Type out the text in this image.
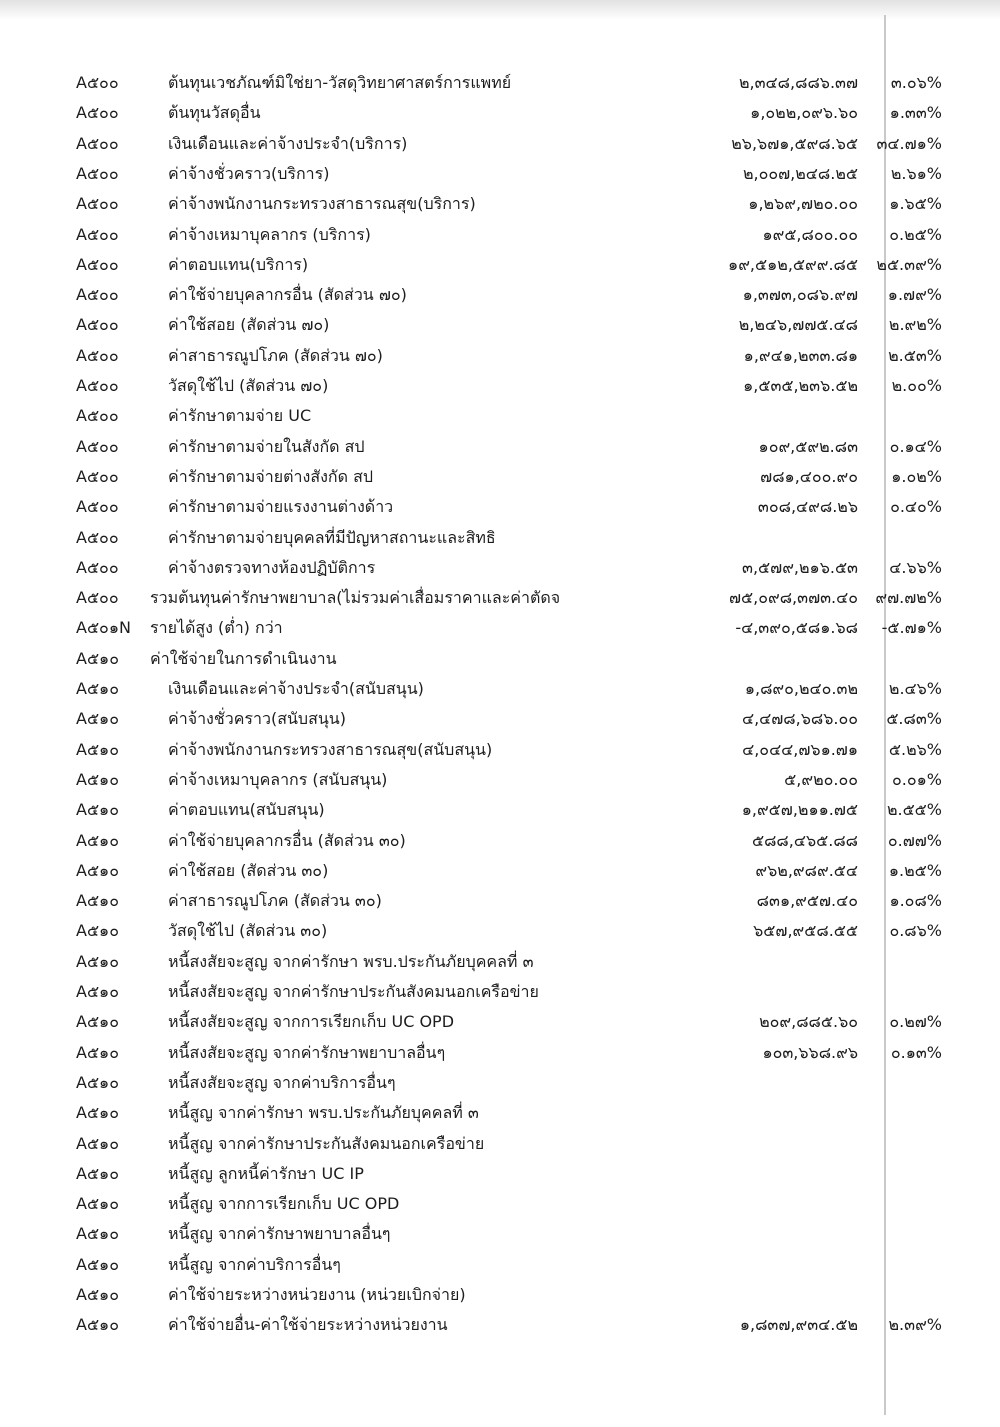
A๕๐๐	ต้นทุนเวชภัณฑ์มิใช่ยา-วัสดุวิทยาศาสตร์การแพทย์	๒,๓๔๘,๘๘๖.๓๗ ๓.๐๖%
A๕๐๐	ต้นทุนวัสดุอื่น	๑,๐๒๒,๐๙๖.๖๐ ๑.๓๓%
A๕๐๐	เงินเดือนและค่าจ้างประจำ(บริการ)	๒๖,๖๗๑,๕๙๘.๖๕ ๓๔.๗๑%
A๕๐๐	ค่าจ้างชั่วคราว(บริการ)	๒,๐๐๗,๒๔๘.๒๕ ๒.๖๑%
A๕๐๐	ค่าจ้างพนักงานกระทรวงสาธารณสุข(บริการ)	๑,๒๖๙,๗๒๐.๐๐ ๑.๖๕%
A๕๐๐	ค่าจ้างเหมาบุคลากร (บริการ)	๑๙๕,๘๐๐.๐๐ ๐.๒๕%
A๕๐๐	ค่าตอบแทน(บริการ)	๑๙,๕๑๒,๕๙๙.๘๕ ๒๕.๓๙%
A๕๐๐	ค่าใช้จ่ายบุคลากรอื่น (สัดส่วน ๗๐)	๑,๓๗๓,๐๘๖.๙๗ ๑.๗๙%
A๕๐๐	ค่าใช้สอย (สัดส่วน ๗๐)	๒,๒๔๖,๗๗๕.๔๘ ๒.๙๒%
A๕๐๐	ค่าสาธารณูปโภค (สัดส่วน ๗๐)	๑,๙๔๑,๒๓๓.๘๑ ๒.๕๓%
A๕๐๐	วัสดุใช้ไป (สัดส่วน ๗๐)	๑,๕๓๕,๒๓๖.๕๒ ๒.๐๐%
A๕๐๐	ค่ารักษาตามจ่าย UC
A๕๐๐	ค่ารักษาตามจ่ายในสังกัด สป	๑๐๙,๕๙๒.๘๓ ๐.๑๔%
A๕๐๐	ค่ารักษาตามจ่ายต่างสังกัด สป	๗๘๑,๔๐๐.๙๐ ๑.๐๒%
A๕๐๐	ค่ารักษาตามจ่ายแรงงานต่างด้าว	๓๐๘,๔๙๘.๒๖ ๐.๔๐%
A๕๐๐	ค่ารักษาตามจ่ายบุคคลที่มีปัญหาสถานะและสิทธิ
A๕๐๐	ค่าจ้างตรวจทางห้องปฏิบัติการ	๓,๕๗๙,๒๑๖.๕๓ ๔.๖๖%
A๕๐๐ รวมต้นทุนค่ารักษาพยาบาล(ไม่รวมค่าเสื่อมราคาและค่าตัดจ	๗๕,๐๙๘,๓๗๓.๔๐ ๙๗.๗๒%
A๕๐๑N รายได้สูง (ต่ำ) กว่า	-๔,๓๙๐,๕๘๑.๖๘ -๕.๗๑%
A๕๑๐ ค่าใช้จ่ายในการดำเนินงาน
A๕๑๐	เงินเดือนและค่าจ้างประจำ(สนับสนุน)	๑,๘๙๐,๒๔๐.๓๒ ๒.๔๖%
A๕๑๐	ค่าจ้างชั่วคราว(สนับสนุน)	๔,๔๗๘,๖๘๖.๐๐ ๕.๘๓%
A๕๑๐	ค่าจ้างพนักงานกระทรวงสาธารณสุข(สนับสนุน)	๔,๐๔๔,๗๖๑.๗๑ ๕.๒๖%
A๕๑๐	ค่าจ้างเหมาบุคลากร (สนับสนุน)	๕,๙๒๐.๐๐ ๐.๐๑%
A๕๑๐	ค่าตอบแทน(สนับสนุน)	๑,๙๕๗,๒๑๑.๗๕ ๒.๕๕%
A๕๑๐	ค่าใช้จ่ายบุคลากรอื่น (สัดส่วน ๓๐)	๕๘๘,๔๖๕.๘๘ ๐.๗๗%
A๕๑๐	ค่าใช้สอย (สัดส่วน ๓๐)	๙๖๒,๙๘๙.๕๔ ๑.๒๕%
A๕๑๐	ค่าสาธารณูปโภค (สัดส่วน ๓๐)	๘๓๑,๙๕๗.๔๐ ๑.๐๘%
A๕๑๐	วัสดุใช้ไป (สัดส่วน ๓๐)	๖๕๗,๙๕๘.๕๕ ๐.๘๖%
A๕๑๐	หนี้สงสัยจะสูญ จากค่ารักษา พรบ.ประกันภัยบุคคลที่ ๓
A๕๑๐	หนี้สงสัยจะสูญ จากค่ารักษาประกันสังคมนอกเครือข่าย
A๕๑๐	หนี้สงสัยจะสูญ จากการเรียกเก็บ UC OPD	๒๐๙,๘๘๕.๖๐ ๐.๒๗%
A๕๑๐	หนี้สงสัยจะสูญ จากค่ารักษาพยาบาลอื่นๆ	๑๐๓,๖๖๘.๙๖ ๐.๑๓%
A๕๑๐	หนี้สงสัยจะสูญ จากค่าบริการอื่นๆ
A๕๑๐	หนี้สูญ จากค่ารักษา พรบ.ประกันภัยบุคคลที่ ๓
A๕๑๐	หนี้สูญ จากค่ารักษาประกันสังคมนอกเครือข่าย
A๕๑๐	หนี้สูญ ลูกหนี้ค่ารักษา UC IP
A๕๑๐	หนี้สูญ จากการเรียกเก็บ UC OPD
A๕๑๐	หนี้สูญ จากค่ารักษาพยาบาลอื่นๆ
A๕๑๐	หนี้สูญ จากค่าบริการอื่นๆ
A๕๑๐	ค่าใช้จ่ายระหว่างหน่วยงาน (หน่วยเบิกจ่าย)
A๕๑๐	ค่าใช้จ่ายอื่น-ค่าใช้จ่ายระหว่างหน่วยงาน	๑,๘๓๗,๙๓๔.๕๒ ๒.๓๙%
